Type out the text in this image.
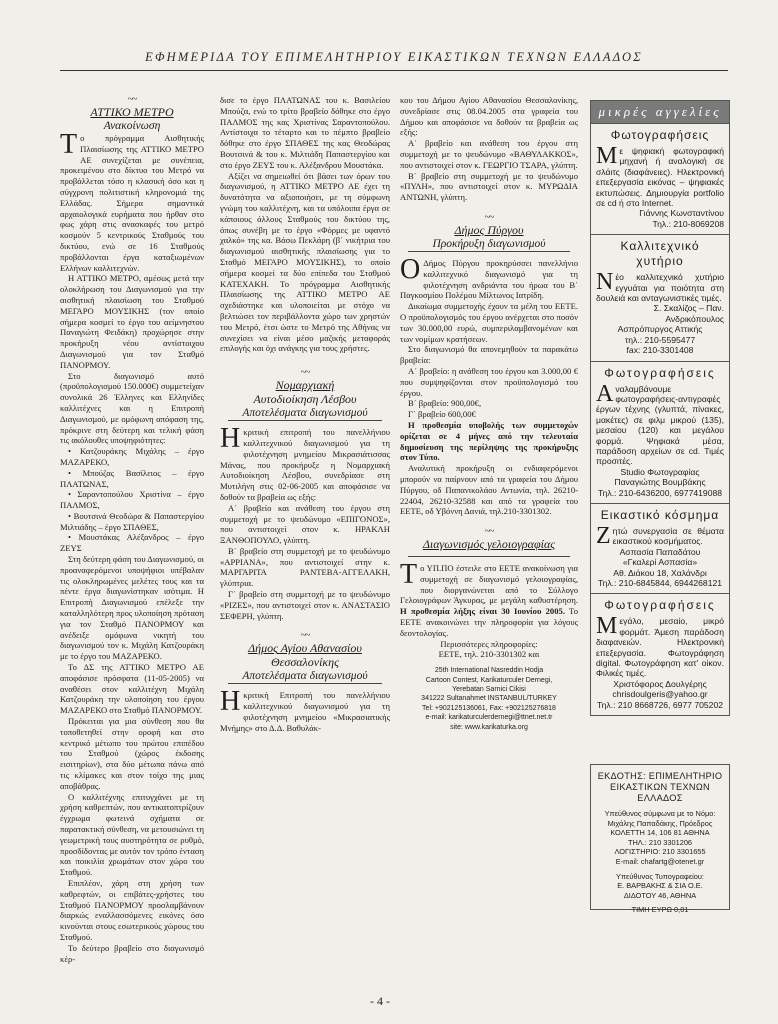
ΕΦΗΜΕΡΙΔΑ ΤΟΥ ΕΠΙΜΕΛΗΤΗΡΙΟΥ ΕΙΚΑΣΤΙΚΩΝ ΤΕΧΝΩΝ ΕΛΛΑΔΟΣ
~~

ΑΤΤΙΚΟ ΜΕΤΡΟ

Ανακοίνωση

Το πρόγραμμα Αισθητικής Πλαισίωσης της ΑΤΤΙΚΟ ΜΕΤΡΟ ΑΕ συνεχίζεται με συνέπεια, προκειμένου στο δίκτυο του Μετρό να προβάλλεται τόσο η κλασική όσο και η σύγχρονη πολιτιστική κληρονομιά της Ελλάδας. Σήμερα σημαντικά αρχαιολογικά ευρήματα που ήρθαν στο φως χάρη στις ανασκαφές του μετρό κοσμούν 5 κεντρικούς Σταθμούς του δικτύου, ενώ σε 16 Σταθμούς προβάλλονται έργα καταξιωμένων Ελλήνων καλλιτεχνών.

Η ΑΤΤΙΚΟ ΜΕΤΡΟ, αμέσως μετά την ολοκλήρωση του Διαγωνισμού για την αισθητική πλαισίωση του Σταθμού ΜΕΓΑΡΟ ΜΟΥΣΙΚΗΣ (τον οποίο σήμερα κοσμεί το έργο του αείμνηστου Παναγιώτη Φειδάκη) προχώρησε στην προκήρυξη νέου αντίστοιχου Διαγωνισμού για τον Σταθμό ΠΑΝΟΡΜΟΥ.

Στο διαγωνισμό αυτό (προϋπολογισμού 150.000€) συμμετείχαν συνολικά 26 Έλληνες και Ελληνίδες καλλιτέχνες και η Επιτροπή Διαγωνισμού, με ομόφωνη απόφαση της, πρόκρινε στη δεύτερη και τελική φάση τις ακόλουθες υποψηφιότητες:

• Κατζουράκης Μιχάλης – έργο ΜΑΖΑΡΕΚΟ,

• Μπούζας Βασίλειος – έργο ΠΛΑΤΩΝΑΣ,

• Σαραντοπούλου Χριστίνα – έργο ΠΑΛΜΟΣ,

• Βουτσινά Θεοδώρα & Παπαστεργίου Μιλτιάδης – έργο ΣΠΑΘΕΣ,

• Μουστάκας Αλέξανδρος – έργο ΖΕΥΣ

Στη δεύτερη φάση του Διαγωνισμού, οι προαναφερόμενοι υποψήφιοι υπέβαλαν τις ολοκληρωμένες μελέτες τους και τα πέντε έργα διαγωνίστηκαν ισότιμα. Η Επιτροπή Διαγωνισμού επέλεξε την καταλληλότερη προς υλοποίηση πρόταση για τον Σταθμό ΠΑΝΟΡΜΟΥ και ανέδειξε ομόφωνα νικητή του διαγωνισμού τον κ. Μιχάλη Κατζουράκη με το έργο του ΜΑΖΑΡΕΚΟ.

Το ΔΣ της ΑΤΤΙΚΟ ΜΕΤΡΟ ΑΕ αποφάσισε πρόσφατα (11-05-2005) να αναθέσει στον καλλιτέχνη Μιχάλη Κατζουράκη την υλοποίηση του έργου ΜΑΖΑΡΕΚΟ στο Σταθμό ΠΑΝΟΡΜΟΥ.

Πρόκειται για μια σύνθεση που θα τοποθετηθεί στην οροφή και στο κεντρικό μέτωπο του πρώτου επιπέδου του Σταθμού (χώρος έκδοσης εισιτηρίων), στα δύο μέτωπα πάνω από τις κλίμακες και στον τοίχο της μιας αποβάθρας.

Ο καλλιτέχνης επιτυγχάνει με τη χρήση καθρεπτών, που αντικατοπτρίζουν έγχρωμα φωτεινά σχήματα σε παρατακτική σύνθεση, να μετουσιώνει τη γεωμετρική τους αυστηρότητα σε ρυθμό, προσδίδοντας με αυτόν τον τρόπο ένταση και ποικιλία χρωμάτων στον χώρο του Σταθμού.

Επιπλέον, χάρη στη χρήση των καθρεφτών, οι επιβάτες-χρήστες του Σταθμού ΠΑΝΟΡΜΟΥ προσλαμβάνουν διαρκώς εναλλασσόμενες εικόνες όσο κινούνται στους εσωτερικούς χώρους του Σταθμού.

Το δεύτερο βραβείο στο διαγωνισμό κέρ-

δισε το έργο ΠΛΑΤΩΝΑΣ του κ. Βασιλείου Μπούζα, ενώ το τρίτο βραβείο δόθηκε στο έργο ΠΑΛΜΟΣ της κας Χριστίνας Σαραντοπούλου. Αντίστοιχα το τέταρτο και το πέμπτο βραβείο δόθηκε στο έργο ΣΠΑΘΕΣ της κας Θεοδώρας Βουτσινά & του κ. Μιλτιάδη Παπαστεργίου και στο έργο ΖΕΥΣ του κ. Αλέξανδρου Μουστάκα.

Αξίζει να σημειωθεί ότι βάσει των όρων του διαγωνισμού, η ΑΤΤΙΚΟ ΜΕΤΡΟ ΑΕ έχει τη δυνατότητα να αξιοποιήσει, με τη σύμφωνη γνώμη του καλλιτέχνη, και τα υπόλοιπα έργα σε κάποιους άλλους Σταθμούς του δικτύου της, όπως συνέβη με το έργο «Φόρμες με υφαντό χαλκό» της κα. Βάσω Πεκλάρη (β΄ νικήτρια του διαγωνισμού αισθητικής πλαισίωσης για το Σταθμό ΜΕΓΑΡΟ ΜΟΥΣΙΚΗΣ), το οποίο σήμερα κοσμεί τα δύο επίπεδα του Σταθμού ΚΑΤΕΧΑΚΗ. Το πρόγραμμα Αισθητικής Πλαισίωσης της ΑΤΤΙΚΟ ΜΕΤΡΟ ΑΕ σχεδιάστηκε και υλοποιείται με στόχο να βελτιώσει τον περιβάλλοντα χώρο των χρηστών του Μετρό, έτσι ώστε το Μετρό της Αθήνας να συνεχίσει να είναι μέσο μαζικής μεταφοράς επιλογής και όχι ανάγκης για τους χρήστες.

~~

Νομαρχιακή

Αυτοδιοίκηση Λέσβου

Αποτελέσματα διαγωνισμού

Ηκριτική επιτροπή του πανελλήνιου καλλιτεχνικού διαγωνισμού για τη φιλοτέχνηση μνημείου Μικρασιάτισσας Μάνας, που προκήρυξε η Νομαρχιακή Αυτοδιοίκηση Λέσβου, συνεδρίασε στη Μυτιλήνη στις 02-06-2005 και αποφάσισε να δοθούν τα βραβεία ως εξής:

Α΄ βραβείο και ανάθεση του έργου στη συμμετοχή με το ψευδώνυμο «ΕΠΙΓΟΝΟΣ», που αντιστοιχεί στον κ. ΗΡΑΚΛΗ ΞΑΝΘΟΠΟΥΛΟ, γλύπτη.

Β΄ βραβείο στη συμμετοχή με το ψευδώνυμο «ΑΡΡΙΑΝΑ», που αντιστοιχεί στην κ. ΜΑΡΓΑΡΙΤΑ ΡΑΝΤΕΒΑ-ΑΓΓΕΛΑΚΗ, γλύπτρια.

Γ΄ βραβείο στη συμμετοχή με το ψευδώνυμο «ΡΙΖΕΣ», που αντιστοιχεί στον κ. ΑΝΑΣΤΑΣΙΟ ΣΕΦΕΡΗ, γλύπτη.

~~

Δήμος Αγίου Αθανασίου

Θεσσαλονίκης

Αποτελέσματα διαγωνισμού

Ηκριτική Επιτροπή του πανελλήνιου καλλιτεχνικού διαγωνισμού για τη φιλοτέχνηση μνημείου «Μικρασιατικής Μνήμης» στο Δ.Δ. Βαθυλάκ-

κου του Δήμου Αγίου Αθανασίου Θεσσαλονίκης, συνεδρίασε στις 08.04.2005 στα γραφεία του Δήμου και αποφάσισε να δοθούν τα βραβεία ως εξής:

Α΄ βραβείο και ανάθεση του έργου στη συμμετοχή με το ψευδώνυμο «ΒΑΘΥΛΑΚΚΟΣ», που αντιστοιχεί στον κ. ΓΕΩΡΓΙΟ ΤΣΑΡΑ, γλύπτη.

Β΄ βραβείο στη συμμετοχή με το ψευδώνυμο «ΠΥΛΗ», που αντιστοιχεί στον κ. ΜΥΡΩΔΙΑ ΑΝΤΩΝΗ, γλύπτη.

~~

Δήμος Πύργου

Προκήρυξη διαγωνισμού

Ο Δήμος Πύργου προκηρύσσει πανελλήνιο καλλιτεχνικό διαγωνισμό για τη φιλοτέχνηση ανδριάντα του ήρωα του Β΄ Παγκοσμίου Πολέμου Μίλτωνος Ιατρίδη.

Δικαίωμα συμμετοχής έχουν τα μέλη του ΕΕΤΕ. Ο προϋπολογισμός του έργου ανέρχεται στο ποσόν των 30.000,00 ευρώ, συμπεριλαμβανομένων και των νομίμων κρατήσεων.

Στο διαγωνισμό θα απονεμηθούν τα παρακάτω βραβεία:

Α΄ βραβείο: η ανάθεση του έργου και 3.000,00 € που συμψηφίζονται στον προϋπολογισμό του έργου.

Β΄ βραβείο: 900,00€,

Γ΄ βραβείο 600,00€

Η προθεσμία υποβολής των συμμετοχών ορίζεται σε 4 μήνες από την τελευταία δημοσίευση της περίληψης της προκήρυξης στον Τύπο.

Αναλυτική προκήρυξη οι ενδιαφερόμενοι μπορούν να παίρνουν από τα γραφεία του Δήμου Πύργου, οδ Παπανικολάου Αντωνία, τηλ. 26210-22404, 26210-32588 και από τα γραφεία του ΕΕΤΕ, οδ Υβόννη Δανιά, τηλ.210-3301302.

~~

Διαγωνισμός γελοιογραφίας

Το ΥΠ.ΠΟ έστειλε στο ΕΕΤΕ ανακοίνωση για συμμετοχή σε διαγωνισμό γελοιογραφίας, που διοργανώνεται από το Σύλλογο Γελοιογράφων Άγκυρας, με μεγάλη καθυστέρηση. Η προθεσμία λήξης είναι 30 Ιουνίου 2005. Το ΕΕΤΕ ανακοινώνει την πληροφορία για λόγους δεοντολογίας.

Περισσότερες πληροφορίες:

ΕΕΤΕ, τηλ. 210-3301302 και

25th International Nasreddin Hodja
Cartoon Contest, Karikaturculer Dernegi,
Yerebatan Sarnici Cikisi
341222 Sultanahmet INSTANBUL/TURKEY
Tel: +902125136061, Fax: +902125276818
e-mail: karikaturculerdernegi@ttnet.net.tr
site: www.karikaturka.org
μικρές αγγελίες
Φωτογραφήσεις
Με ψηφιακή φωτογραφική μηχανή ή αναλογική σε σλάιτς (διαφάνειες). Ηλεκτρονική επεξεργασία εικόνας – ψηφιακές εκτυπώσεις. Δημιουργία portfolio σε cd ή στο Internet.
Γιάννης Κωνσταντίνου
Τηλ.: 210-8069208
Καλλιτεχνικό χυτήριο
Νέο καλλιτεχνικό χυτήριο εγγυάται για ποιότητα στη δουλειά και ανταγωνιστικές τιμές.
Σ. Σκαλίζος – Παν. Ανδρικόπουλος
Ασπρόπυργος Αττικής
τηλ.: 210-5595477
fax: 210-3301408
Φωτογραφήσεις
Αναλαμβάνουμε φωτογραφήσεις-αντιγραφές έργων τέχνης (γλυπτά, πίνακες, μακέτες) σε φιλμ μικρού (135), μεσαίου (120) και μεγάλου φορμά. Ψηφιακά μέσα, παράδοση αρχείων σε cd. Τιμές προσιτές.
Studio Φωτογραφίας
Παναγιώτης Βουμβάκης
Τηλ.: 210-6436200, 6977419088
Εικαστικό κόσμημα
Ζητώ συνεργασία σε θέματα εικαστικού κοσμήματος.
Ασπασία Παπαδάτου
«Γκαλερί Ασπασία»
Αθ. Διάκου 18, Χαλάνδρι
Τηλ.: 210-6845844, 6944268121
Φωτογραφήσεις
Μεγάλο, μεσαίο, μικρό φορμάτ. Άμεση παράδοση διαφανειών. Ηλεκτρονική επεξεργασία. Φωτογράφηση digital. Φωτογράφηση κατ' οίκον. Φιλικές τιμές.
Χριστόφορος Δουλγέρης
chrisdoulgeris@yahoo.gr
Τηλ.: 210 8668726, 6977 705202
ΕΚΔΟΤΗΣ: ΕΠΙΜΕΛΗΤΗΡΙΟ
ΕΙΚΑΣΤΙΚΩΝ ΤΕΧΝΩΝ ΕΛΛΑΔΟΣ
Υπεύθυνος σύμφωνα με το Νόμο:
Μιχάλης Παπαδάκης, Πρόεδρος
ΚΟΛΕΤΤΗ 14, 106 81 ΑΘΗΝΑ
ΤΗΛ.: 210 3301206
ΛΟΓΙΣΤΗΡΙΟ: 210 3301655
E-mail: chafartg@otenet.gr
Υπεύθυνος Τυπογραφείου:
Ε. ΒΑΡΒΑΚΗΣ & ΣΙΑ Ο.Ε.
ΔΙΔΟΤΟΥ 46, ΑΘΗΝΑ
ΤΙΜΗ ΕΥΡΩ 0,01
- 4 -
